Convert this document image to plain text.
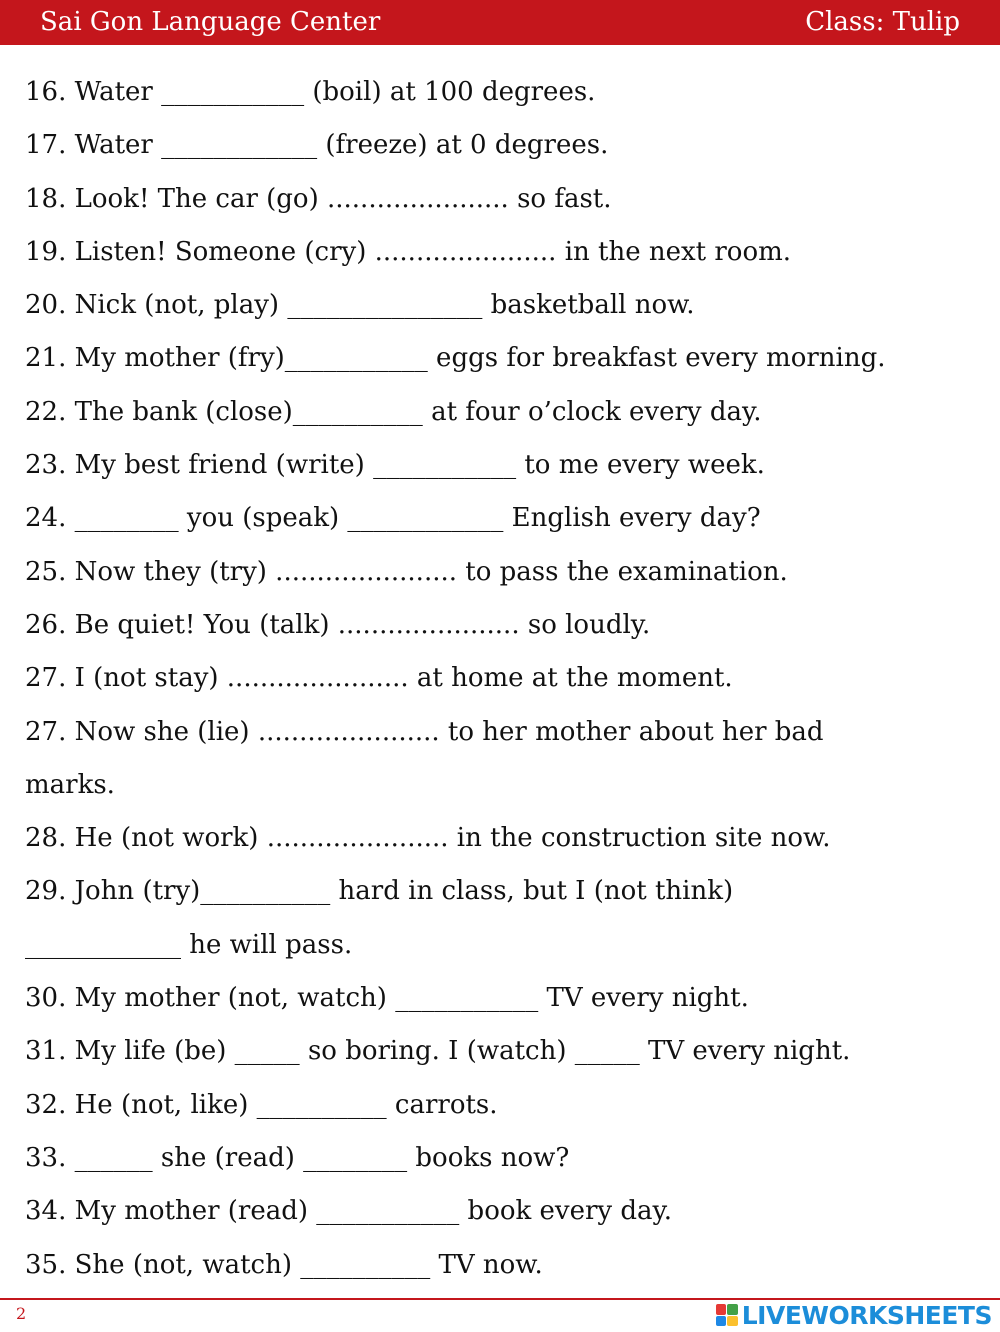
Sai Gon Language Center	Class: Tulip
16. Water ___________ (boil) at 100 degrees.
17. Water ____________ (freeze) at 0 degrees.
18. Look! The car (go) ...................... so fast.
19. Listen! Someone (cry) ...................... in the next room.
20. Nick (not, play) _______________ basketball now.
21. My mother (fry)___________ eggs for breakfast every morning.
22. The bank (close)__________ at four o’clock every day.
23. My best friend (write) ___________ to me every week.
24. ________ you (speak) ____________ English every day?
25. Now they (try) ...................... to pass the examination.
26. Be quiet! You (talk) ...................... so loudly.
27. I (not stay) ...................... at home at the moment.
27. Now she (lie) ...................... to her mother about her bad
marks.
28. He (not work) ...................... in the construction site now.
29. John (try)__________ hard in class, but I (not think)
____________ he will pass.
30. My mother (not, watch) ___________ TV every night.
31. My life (be) _____ so boring. I (watch) _____ TV every night.
32. He (not, like) __________ carrots.
33. ______ she (read) ________ books now?
34. My mother (read) ___________ book every day.
35. She (not, watch) __________ TV now.
2	LIVEWORKSHEETS
